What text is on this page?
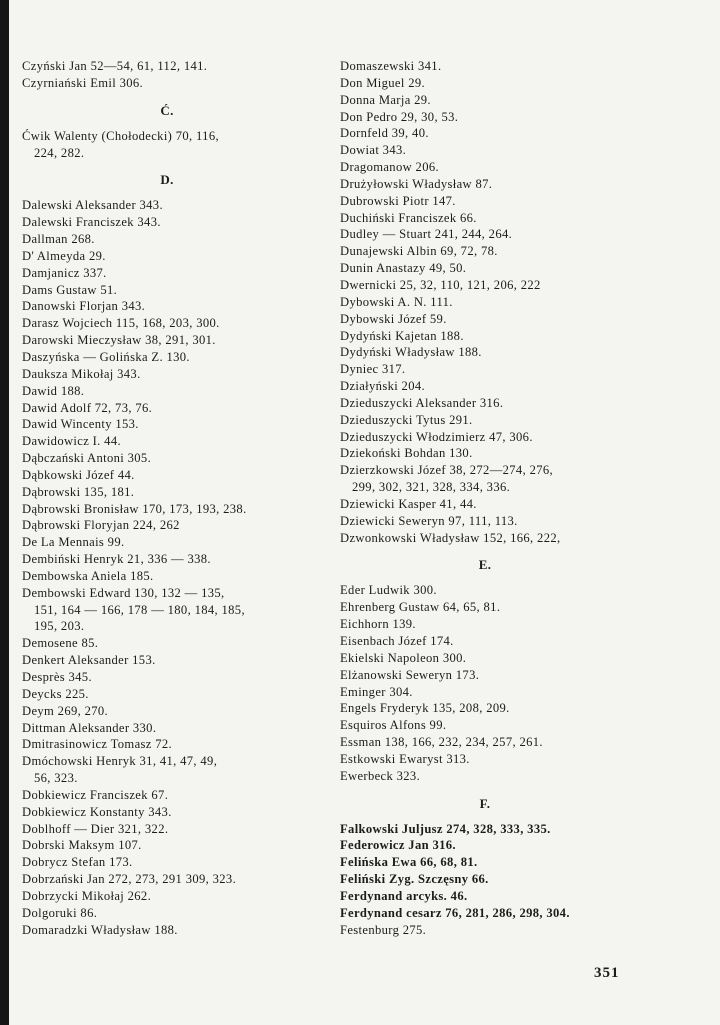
Czyński Jan 52—54, 61, 112, 141.
Czyrniański Emil 306.
Ć.
Ćwik Walenty (Chołodecki) 70, 116,
224, 282.
D.
Dalewski Aleksander 343.
Dalewski Franciszek 343.
Dallman 268.
D' Almeyda 29.
Damjanicz 337.
Dams Gustaw 51.
Danowski Florjan 343.
Darasz Wojciech 115, 168, 203, 300.
Darowski Mieczysław 38, 291, 301.
Daszyńska — Golińska Z. 130.
Dauksza Mikołaj 343.
Dawid 188.
Dawid Adolf 72, 73, 76.
Dawid Wincenty 153.
Dawidowicz I. 44.
Dąbczański Antoni 305.
Dąbkowski Józef 44.
Dąbrowski 135, 181.
Dąbrowski Bronisław 170, 173, 193, 238.
Dąbrowski Floryjan 224, 262
De La Mennais 99.
Dembiński Henryk 21, 336 — 338.
Dembowska Aniela 185.
Dembowski Edward 130, 132 — 135,
151, 164 — 166, 178 — 180, 184, 185,
195, 203.
Demosene 85.
Denkert Aleksander 153.
Desprès 345.
Deycks 225.
Deym 269, 270.
Dittman Aleksander 330.
Dmitrasinowicz Tomasz 72.
Dmóchowski Henryk 31, 41, 47, 49,
56, 323.
Dobkiewicz Franciszek 67.
Dobkiewicz Konstanty 343.
Doblhoff — Dier 321, 322.
Dobrski Maksym 107.
Dobrycz Stefan 173.
Dobrzański Jan 272, 273, 291 309, 323.
Dobrzycki Mikołaj 262.
Dolgoruki 86.
Domaradzki Władysław 188.
Domaszewski 341.
Don Miguel 29.
Donna Marja 29.
Don Pedro 29, 30, 53.
Dornfeld 39, 40.
Dowiat 343.
Dragomanow 206.
Drużyłowski Władysław 87.
Dubrowski Piotr 147.
Duchiński Franciszek 66.
Dudley — Stuart 241, 244, 264.
Dunajewski Albin 69, 72, 78.
Dunin Anastazy 49, 50.
Dwernicki 25, 32, 110, 121, 206, 222
Dybowski A. N. 111.
Dybowski Józef 59.
Dydyński Kajetan 188.
Dydyński Władysław 188.
Dyniec 317.
Działyński 204.
Dzieduszycki Aleksander 316.
Dzieduszycki Tytus 291.
Dzieduszycki Włodzimierz 47, 306.
Dziekoński Bohdan 130.
Dzierzkowski Józef 38, 272—274, 276,
299, 302, 321, 328, 334, 336.
Dziewicki Kasper 41, 44.
Dziewicki Seweryn 97, 111, 113.
Dzwonkowski Władysław 152, 166, 222,
E.
Eder Ludwik 300.
Ehrenberg Gustaw 64, 65, 81.
Eichhorn 139.
Eisenbach Józef 174.
Ekielski Napoleon 300.
Elżanowski Seweryn 173.
Eminger 304.
Engels Fryderyk 135, 208, 209.
Esquiros Alfons 99.
Essman 138, 166, 232, 234, 257, 261.
Estkowski Ewaryst 313.
Ewerbeck 323.
F.
Falkowski Juljusz 274, 328, 333, 335.
Federowicz Jan 316.
Felińska Ewa 66, 68, 81.
Feliński Zyg. Szczęsny 66.
Ferdynand arcyks. 46.
Ferdynand cesarz 76, 281, 286, 298, 304.
Festenburg 275.
351
